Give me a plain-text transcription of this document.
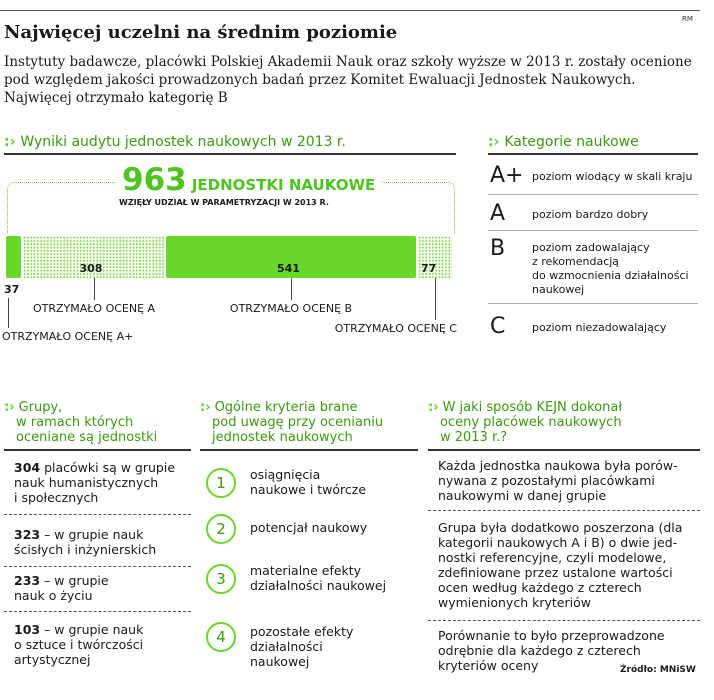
RM
Najwięcej uczelni na średnim poziomie
Instytuty badawcze, placówki Polskiej Akademii Nauk oraz szkoły wyższe w 2013 r. zostały ocenione
pod względem jakości prowadzonych badań przez Komitet Ewaluacji Jednostek Naukowych.
Najwięcej otrzymało kategorię B
:› Wyniki audytu jednostek naukowych w 2013 r.
963 JEDNOSTKI NAUKOWE
WZIĘŁY UDZIAŁ W PARAMETRYZACJI W 2013 R.
37
OTRZYMAŁO OCENĘ A+
308
OTRZYMAŁO OCENĘ A
541
OTRZYMAŁO OCENĘ B
77
OTRZYMAŁO OCENĘ C
:› Kategorie naukowe
A+ poziom wiodący w skali kraju
A poziom bardzo dobry
B poziom zadowalający
z rekomendacją
do wzmocnienia działalności
naukowej
C poziom niezadowalający
:› Grupy,
w ramach których
oceniane są jednostki
304 placówki są w grupie
nauk humanistycznych
i społecznych
323 – w grupie nauk
ścisłych i inżynierskich
233 – w grupie
nauk o życiu
103 – w grupie nauk
o sztuce i twórczości
artystycznej
:› Ogólne kryteria brane
pod uwagę przy ocenianiu
jednostek naukowych
1	osiągnięcia
naukowe i twórcze
2	potencjał naukowy
3	materialne efekty
działalności naukowej
4	pozostałe efekty
działalności
naukowej
:› W jaki sposób KEJN dokonał
oceny placówek naukowych
w 2013 r.?
Każda jednostka naukowa była porów-
nywana z pozostałymi placówkami
naukowymi w danej grupie
Grupa była dodatkowo poszerzona (dla
kategorii naukowych A i B) o dwie jed-
nostki referencyjne, czyli modelowe,
zdefiniowane przez ustalone wartości
ocen według każdego z czterech
wymienionych kryteriów
Porównanie to było przeprowadzone
odrębnie dla każdego z czterech
kryteriów oceny	Źródło: MNiSW
